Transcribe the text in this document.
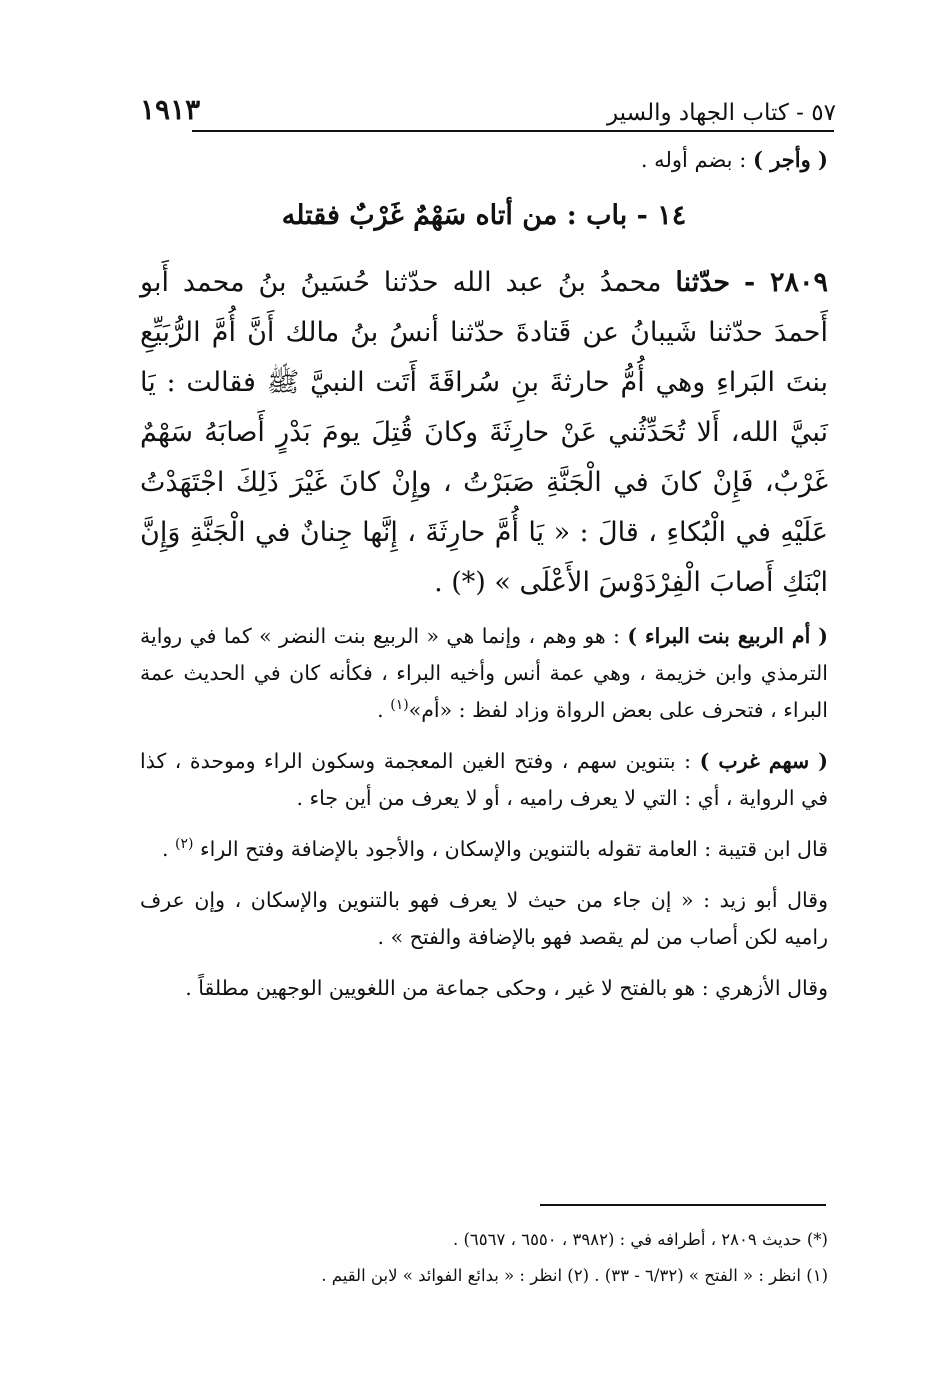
٥٧ - كتاب الجهاد والسير
١٩١٣

( وأجر ) : بضم أوله .

١٤ - باب : من أتاه سَهْمٌ غَرْبٌ فقتله

٢٨٠٩ - حدّثنا محمدُ بنُ عبد الله حدّثنا حُسَينُ بنُ محمد أَبو أَحمدَ حدّثنا شَيبانُ عن قَتادةَ حدّثنا أنسُ بنُ مالك أَنَّ أُمَّ الرُّبَيِّعِ بنتَ البَراءِ وهي أُمُّ حارثةَ بنِ سُراقَةَ أَتَت النبيَّ ﷺ فقالت : يَا نَبيَّ الله، أَلا تُحَدِّثُني عَنْ حارِثَةَ وكانَ قُتِلَ يومَ بَدْرٍ أَصابَهُ سَهْمٌ غَرْبٌ، فَإِنْ كانَ في الْجَنَّةِ صَبَرْتُ ، وإِنْ كانَ غَيْرَ ذَلِكَ اجْتَهَدْتُ عَلَيْهِ في الْبُكاءِ ، قالَ : « يَا أُمَّ حارِثَةَ ، إِنَّها جِنانٌ في الْجَنَّةِ وَإِنَّ ابْنَكِ أَصابَ الْفِرْدَوْسَ الأَعْلَى » (*) .

( أم الربيع بنت البراء ) : هو وهم ، وإنما هي « الربيع بنت النضر » كما في رواية الترمذي وابن خزيمة ، وهي عمة أنس وأخيه البراء ، فكأنه كان في الحديث عمة البراء ، فتحرف على بعض الرواة وزاد لفظ : «أم»$^{(١)}$ .

( سهم غرب ) : بتنوين سهم ، وفتح الغين المعجمة وسكون الراء وموحدة ، كذا في الرواية ، أي : التي لا يعرف راميه ، أو لا يعرف من أين جاء .

قال ابن قتيبة : العامة تقوله بالتنوين والإسكان ، والأجود بالإضافة وفتح الراء $^{(٢)}$ .

وقال أبو زيد : « إن جاء من حيث لا يعرف فهو بالتنوين والإسكان ، وإن عرف راميه لكن أصاب من لم يقصد فهو بالإضافة والفتح » .

وقال الأزهري : هو بالفتح لا غير ، وحكى جماعة من اللغويين الوجهين مطلقاً .

(*) حديث ٢٨٠٩ ، أطرافه في : (٣٩٨٢ ، ٦٥٥٠ ، ٦٥٦٧) .

(١) انظر : « الفتح » (٦/٣٢ - ٣٣) . (٢) انظر : « بدائع الفوائد » لابن القيم .
